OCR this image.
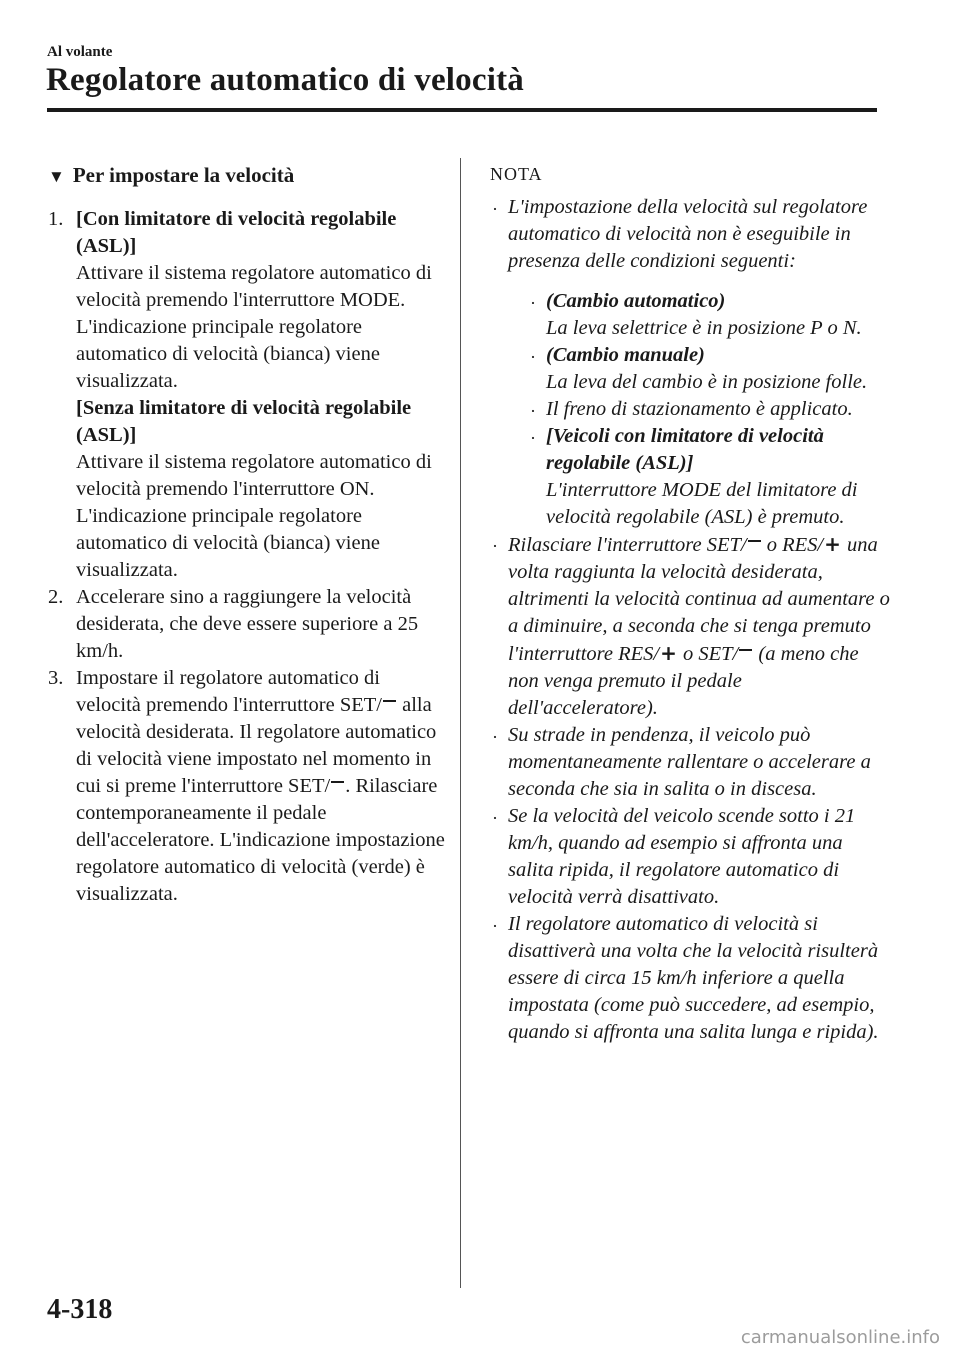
Al volante
Regolatore automatico di velocità
▼ Per impostare la velocità
1. [Con limitatore di velocità regolabile (ASL)]

Attivare il sistema regolatore automatico di velocità premendo l'interruttore MODE. L'indicazione principale regolatore automatico di velocità (bianca) viene visualizzata.

[Senza limitatore di velocità regolabile (ASL)]

Attivare il sistema regolatore automatico di velocità premendo l'interruttore ON. L'indicazione principale regolatore automatico di velocità (bianca) viene visualizzata.

2. Accelerare sino a raggiungere la velocità desiderata, che deve essere superiore a 25 km/h.

3. Impostare il regolatore automatico di velocità premendo l'interruttore SET/ alla velocità desiderata. Il regolatore automatico di velocità viene impostato nel momento in cui si preme l'interruttore SET/ . Rilasciare contemporaneamente il pedale dell'acceleratore. L'indicazione impostazione regolatore automatico di velocità (verde) è visualizzata.

NOTA
· L'impostazione della velocità sul regolatore automatico di velocità non è eseguibile in presenza delle condizioni seguenti:
· (Cambio automatico)
La leva selettrice è in posizione P o N.
· (Cambio manuale)
La leva del cambio è in posizione folle.
· Il freno di stazionamento è applicato.
· [Veicoli con limitatore di velocità regolabile (ASL)]
L'interruttore MODE del limitatore di velocità regolabile (ASL) è premuto.
· Rilasciare l'interruttore SET/ o RES/+ una volta raggiunta la velocità desiderata, altrimenti la velocità continua ad aumentare o a diminuire, a seconda che si tenga premuto l'interruttore RES/+ o SET/ (a meno che non venga premuto il pedale dell'acceleratore).
· Su strade in pendenza, il veicolo può momentaneamente rallentare o accelerare a seconda che sia in salita o in discesa.
· Se la velocità del veicolo scende sotto i 21 km/h, quando ad esempio si affronta una salita ripida, il regolatore automatico di velocità verrà disattivato.
· Il regolatore automatico di velocità si disattiverà una volta che la velocità risulterà essere di circa 15 km/h inferiore a quella impostata (come può succedere, ad esempio, quando si affronta una salita lunga e ripida).
4-318
carmanualsonline.info
